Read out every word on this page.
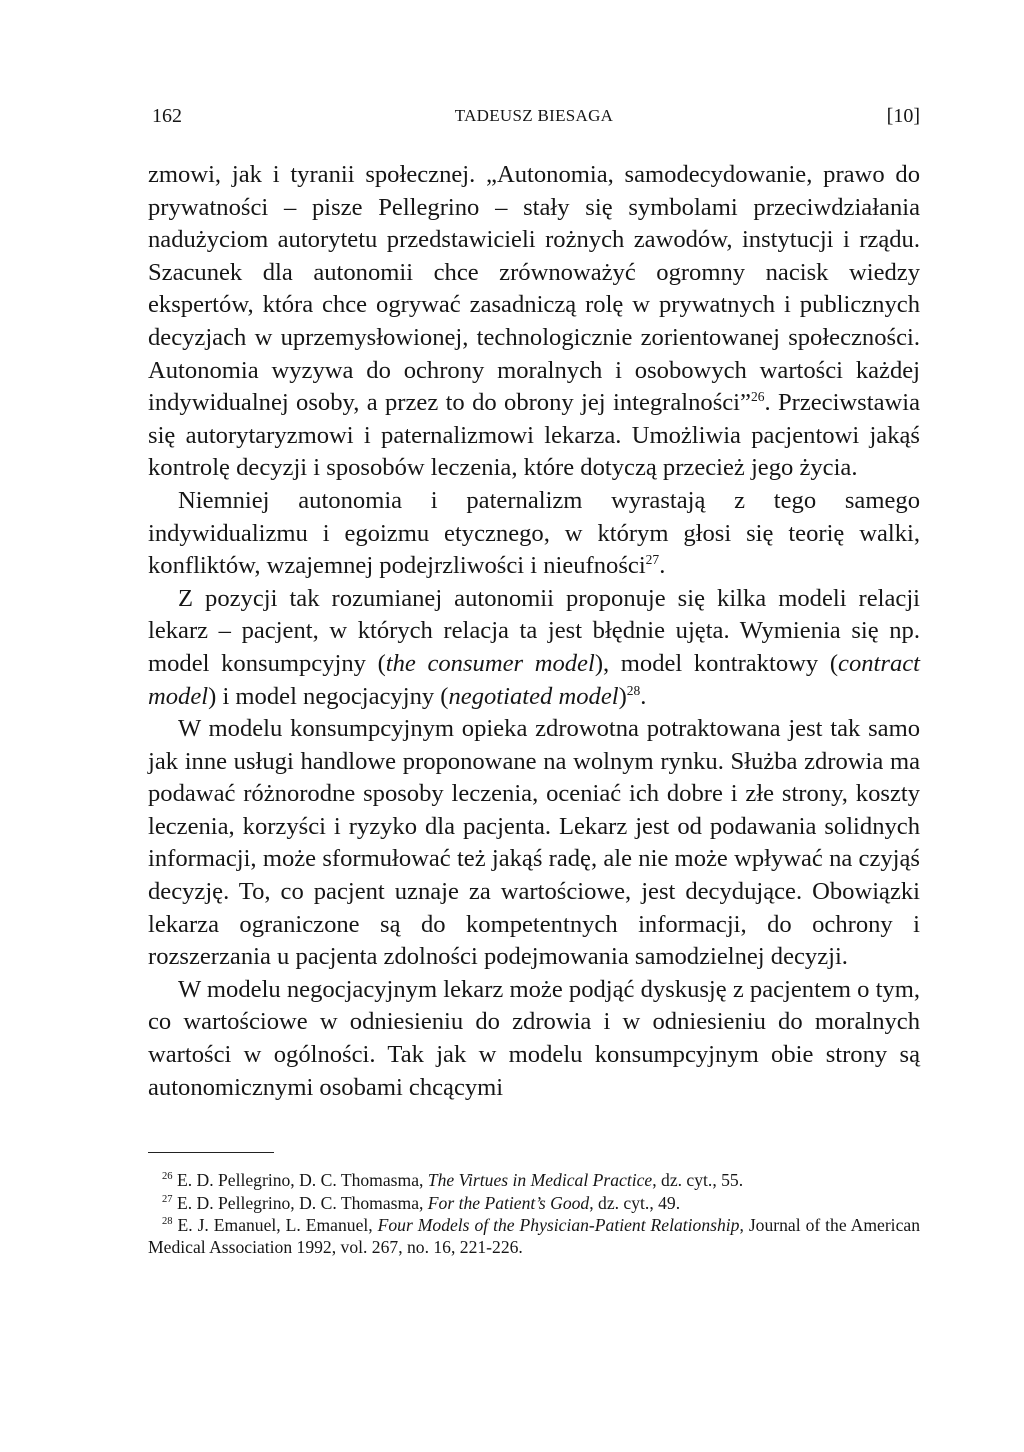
162	TADEUSZ BIESAGA	[10]

zmowi, jak i tyranii społecznej. „Autonomia, samodecydowanie, prawo do prywatności – pisze Pellegrino – stały się symbolami przeciwdziałania nadużyciom autorytetu przedstawicieli rożnych zawodów, instytucji i rządu. Szacunek dla autonomii chce zrównoważyć ogromny nacisk wiedzy ekspertów, która chce ogrywać zasadniczą rolę w prywatnych i publicznych decyzjach w uprzemysłowionej, technologicznie zorientowanej społeczności. Autonomia wyzywa do ochrony moralnych i osobowych wartości każdej indywidualnej osoby, a przez to do obrony jej integralności”$^{26}$. Przeciwstawia się autorytaryzmowi i paternalizmowi lekarza. Umożliwia pacjentowi jakąś kontrolę decyzji i sposobów leczenia, które dotyczą przecież jego życia.

Niemniej autonomia i paternalizm wyrastają z tego samego indywidualizmu i egoizmu etycznego, w którym głosi się teorię walki, konfliktów, wzajemnej podejrzliwości i nieufności$^{27}$.

Z pozycji tak rozumianej autonomii proponuje się kilka modeli relacji lekarz – pacjent, w których relacja ta jest błędnie ujęta. Wymienia się np. model konsumpcyjny (the consumer model), model kontraktowy (contract model) i model negocjacyjny (negotiated model)$^{28}$.

W modelu konsumpcyjnym opieka zdrowotna potraktowana jest tak samo jak inne usługi handlowe proponowane na wolnym rynku. Służba zdrowia ma podawać różnorodne sposoby leczenia, oceniać ich dobre i złe strony, koszty leczenia, korzyści i ryzyko dla pacjenta. Lekarz jest od podawania solidnych informacji, może sformułować też jakąś radę, ale nie może wpływać na czyjąś decyzję. To, co pacjent uznaje za wartościowe, jest decydujące. Obowiązki lekarza ograniczone są do kompetentnych informacji, do ochrony i rozszerzania u pacjenta zdolności podejmowania samodzielnej decyzji.

W modelu negocjacyjnym lekarz może podjąć dyskusję z pacjentem o tym, co wartościowe w odniesieniu do zdrowia i w odniesieniu do moralnych wartości w ogólności. Tak jak w modelu konsumpcyjnym obie strony są autonomicznymi osobami chcącymi

$^{26}$ E. D. Pellegrino, D. C. Thomasma, The Virtues in Medical Practice, dz. cyt., 55.

$^{27}$ E. D. Pellegrino, D. C. Thomasma, For the Patient’s Good, dz. cyt., 49.

$^{28}$ E. J. Emanuel, L. Emanuel, Four Models of the Physician-Patient Relationship, Journal of the American Medical Association 1992, vol. 267, no. 16, 221-226.
